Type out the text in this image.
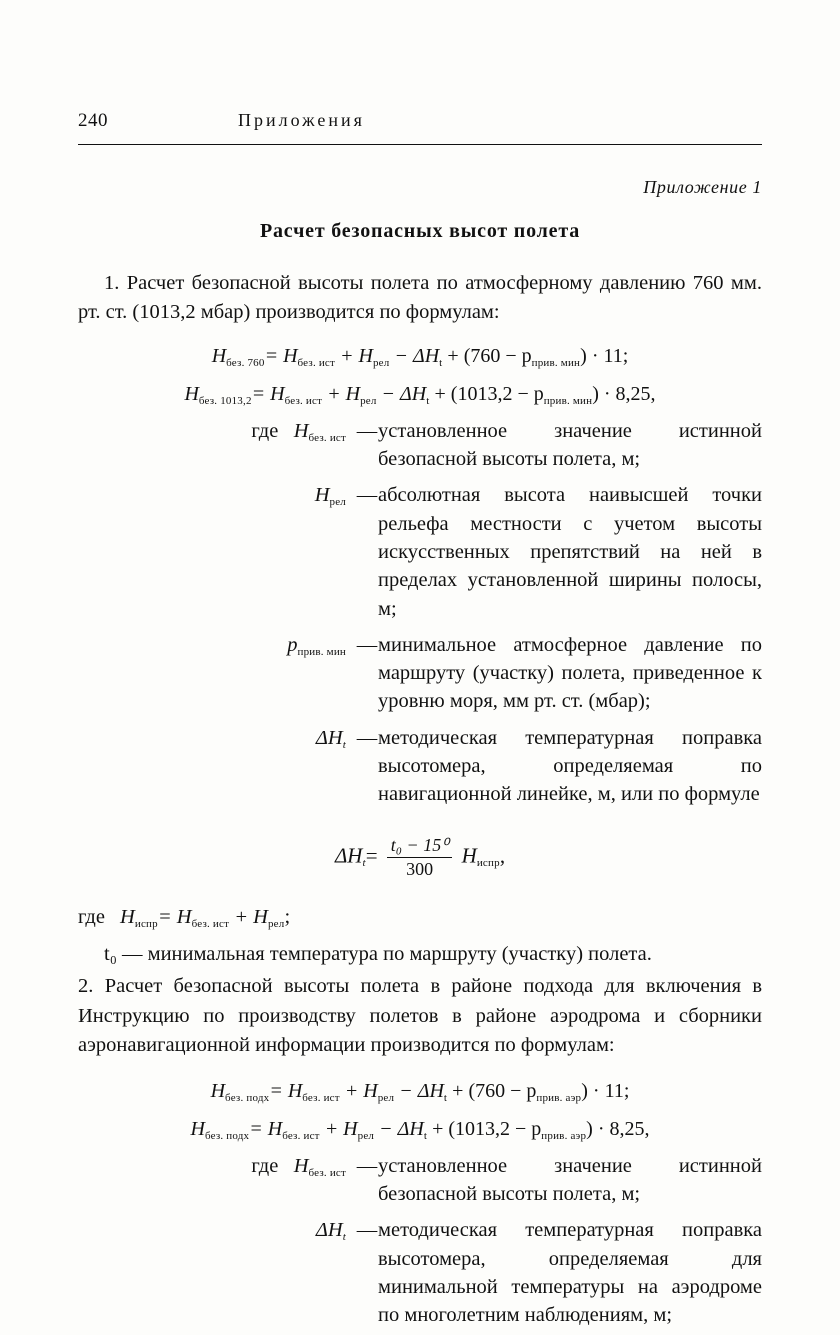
240	Приложения
Приложение 1
Расчет безопасных высот полета

1. Расчет безопасной высоты полета по атмосферному давлению 760 мм. рт. ст. (1013,2 мбар) производится по формулам:

$H_{без. 760}= H_{без. ист} + H_{рел} - \Delta H_t + (760 - p_{прив. мин}) \cdot 11$;
$H_{без. 1013,2}= H_{без. ист} + H_{рел} - \Delta H_t + (1013,2 - p_{прив. мин}) \cdot 8,25$,
где $H_{без. ист}$ — установленное значение истинной безопасной высоты полета, м;
$H_{рел}$ — абсолютная высота наивысшей точки рельефа местности с учетом высоты искусственных препятствий на ней в пределах установленной ширины полосы, м;
$p_{прив. мин}$ — минимальное атмосферное давление по маршруту (участку) полета, приведенное к уровню моря, мм рт. ст. (мбар);
$\Delta H_t$ — методическая температурная поправка высотомера, определяемая по навигационной линейке, м, или по формуле
$\Delta H_t= \frac{\text{t₀ − 15⁰}}{300} H_{испр}$,
где $H_{испр}= H_{без. ист} + H_{рел}$;
t₀ — минимальная температура по маршруту (участку) полета.

2. Расчет безопасной высоты полета в районе подхода для включения в Инструкцию по производству полетов в районе аэродрома и сборники аэронавигационной информации производится по формулам:

$H_{без. подх}= H_{без. ист} + H_{рел} - \Delta H_t + (760 - p_{прив. аэр}) \cdot 11$;
$H_{без. подх}= H_{без. ист} + H_{рел} - \Delta H_t + (1013,2 - p_{прив. аэр}) \cdot 8,25$,
где $H_{без. ист}$ — установленное значение истинной безопасной высоты полета, м;
$\Delta H_t$ — методическая температурная поправка высотомера, определяемая для минимальной температуры на аэродроме по многолетним наблюдениям, м;
